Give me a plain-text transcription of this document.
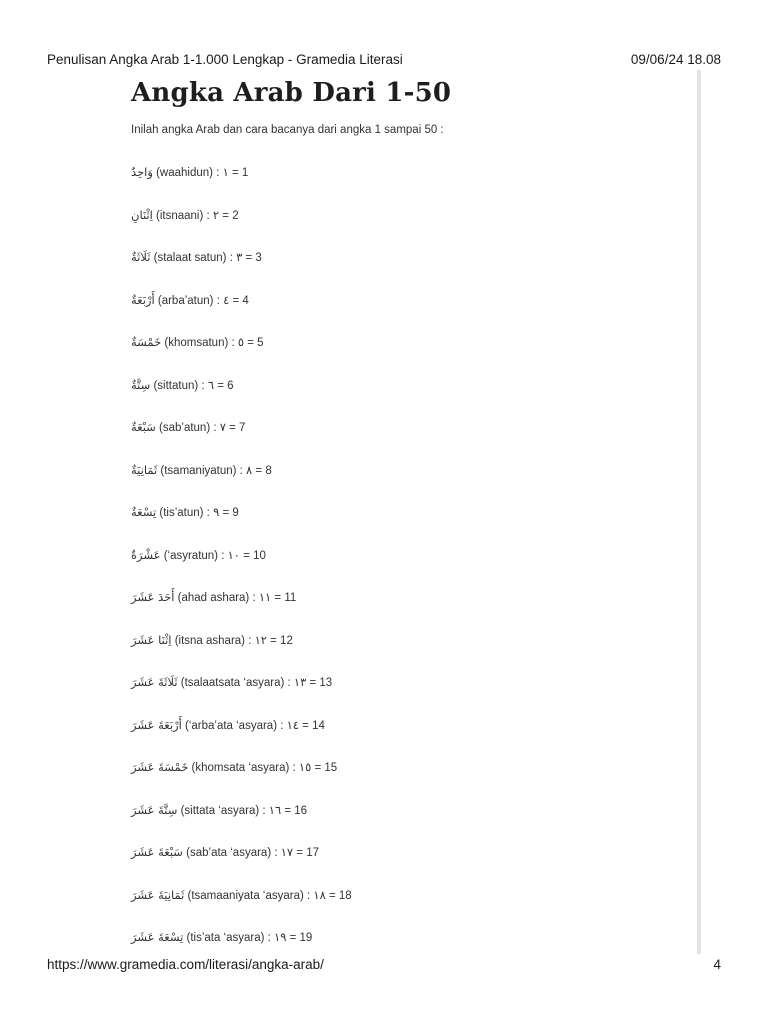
Penulisan Angka Arab 1-1.000 Lengkap - Gramedia Literasi	09/06/24 18.08
Angka Arab Dari 1-50
Inilah angka Arab dan cara bacanya dari angka 1 sampai 50 :
وَاحِدٌ (waahidun) : ١ = 1
اِثْنَانِ (itsnaani) : ٢ = 2
ثَلَاثَةٌ (stalaat satun) : ٣ = 3
أَرْبَعَةٌ (arba’atun) : ٤ = 4
خَمْسَةٌ (khomsatun) : ٥ = 5
سِتَّةٌ (sittatun) : ٦ = 6
سَبْعَةٌ (sab’atun) : ٧ = 7
ثَمَانِيَةٌ (tsamaniyatun) : ٨ = 8
تِسْعَةٌ (tis’atun) : ٩ = 9
عَشْرَةٌ (‘asyratun) : ١٠ = 10
أَحَدَ عَشَرَ (ahad ashara) : ١١ = 11
اِثْنَا عَشَرَ (itsna ashara) : ١٢ = 12
ثَلَاثَةَ عَشَرَ (tsalaatsata ‘asyara) : ١٣ = 13
أَرْبَعَةَ عَشَرَ (‘arba’ata ‘asyara) : ١٤ = 14
خَمْسَةَ عَشَرَ (khomsata ‘asyara) : ١٥ = 15
سِتَّةَ عَشَرَ (sittata ‘asyara) : ١٦ = 16
سَبْعَةَ عَشَرَ (sab’ata ‘asyara) : ١٧ = 17
ثَمَانِيَةَ عَشَرَ (tsamaaniyata ‘asyara) : ١٨ = 18
تِسْعَةَ عَشَرَ (tis’ata ‘asyara) : ١٩ = 19
https://www.gramedia.com/literasi/angka-arab/	4
